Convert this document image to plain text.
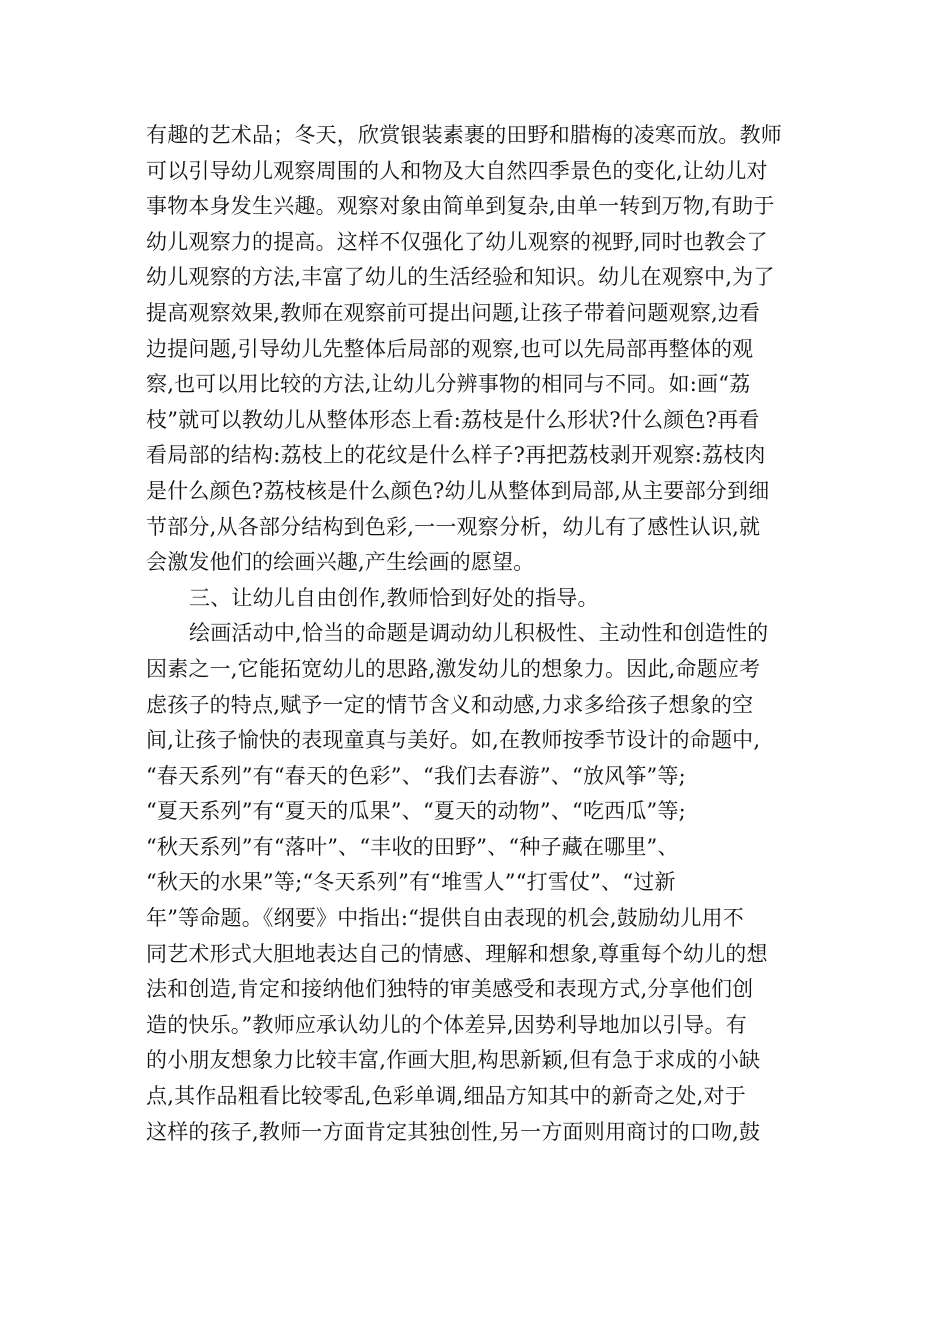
有趣的艺术品；冬天，欣赏银装素裹的田野和腊梅的凌寒而放。教师
可以引导幼儿观察周围的人和物及大自然四季景色的变化,让幼儿对
事物本身发生兴趣。观察对象由简单到复杂,由单一转到万物,有助于
幼儿观察力的提高。这样不仅强化了幼儿观察的视野,同时也教会了
幼儿观察的方法,丰富了幼儿的生活经验和知识。幼儿在观察中,为了
提高观察效果,教师在观察前可提出问题,让孩子带着问题观察,边看
边提问题,引导幼儿先整体后局部的观察,也可以先局部再整体的观
察,也可以用比较的方法,让幼儿分辨事物的相同与不同。如:画“荔
枝”就可以教幼儿从整体形态上看:荔枝是什么形状?什么颜色?再看
看局部的结构:荔枝上的花纹是什么样子?再把荔枝剥开观察:荔枝肉
是什么颜色?荔枝核是什么颜色?幼儿从整体到局部,从主要部分到细
节部分,从各部分结构到色彩,一一观察分析，幼儿有了感性认识,就
会激发他们的绘画兴趣,产生绘画的愿望。
三、让幼儿自由创作,教师恰到好处的指导。
绘画活动中,恰当的命题是调动幼儿积极性、主动性和创造性的
因素之一,它能拓宽幼儿的思路,激发幼儿的想象力。因此,命题应考
虑孩子的特点,赋予一定的情节含义和动感,力求多给孩子想象的空
间,让孩子愉快的表现童真与美好。如,在教师按季节设计的命题中,
“春天系列”有“春天的色彩”、“我们去春游”、“放风筝”等;
“夏天系列”有“夏天的瓜果”、“夏天的动物”、“吃西瓜”等;
“秋天系列”有“落叶”、“丰收的田野”、“种子藏在哪里”、
“秋天的水果”等;“冬天系列”有“堆雪人”“打雪仗”、“过新
年”等命题。《纲要》中指出:“提供自由表现的机会,鼓励幼儿用不
同艺术形式大胆地表达自己的情感、理解和想象,尊重每个幼儿的想
法和创造,肯定和接纳他们独特的审美感受和表现方式,分享他们创
造的快乐。”教师应承认幼儿的个体差异,因势利导地加以引导。有
的小朋友想象力比较丰富,作画大胆,构思新颖,但有急于求成的小缺
点,其作品粗看比较零乱,色彩单调,细品方知其中的新奇之处,对于
这样的孩子,教师一方面肯定其独创性,另一方面则用商讨的口吻,鼓
